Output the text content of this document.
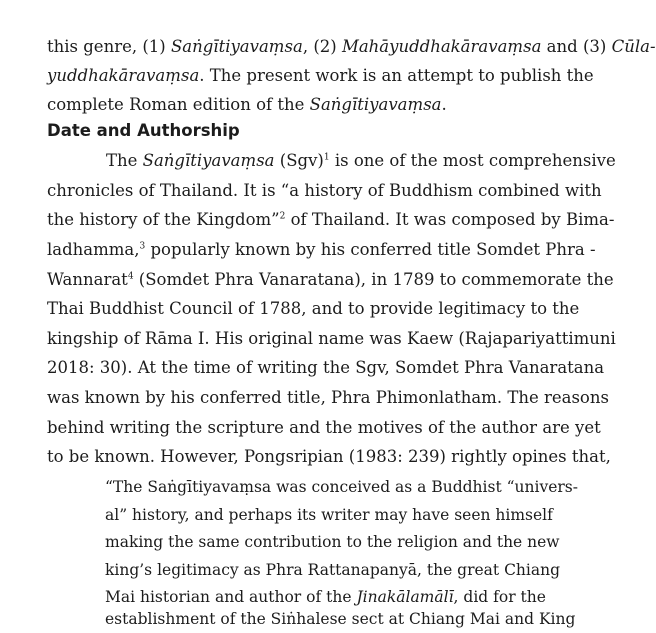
this genre, (1) Saṅgītiyavaṃsa, (2) Mahāyuddhakāravaṃsa and (3) Cūla-
yuddhakāravaṃsa. The present work is an attempt to publish the
complete Roman edition of the Saṅgītiyavaṃsa.
Date and Authorship
The Saṅgītiyavaṃsa (Sgv)$^1$ is one of the most comprehensive
chronicles of Thailand. It is “a history of Buddhism combined with
the history of the Kingdom”$^2$ of Thailand. It was composed by Bima-
ladhamma,$^3$ popularly known by his conferred title Somdet Phra -
Wannarat$^4$ (Somdet Phra Vanaratana), in 1789 to commemorate the
Thai Buddhist Council of 1788, and to provide legitimacy to the
kingship of Rāma I. His original name was Kaew (Rajapariyattimuni
2018: 30). At the time of writing the Sgv, Somdet Phra Vanaratana
was known by his conferred title, Phra Phimonlatham. The reasons
behind writing the scripture and the motives of the author are yet
to be known. However, Pongsripian (1983: 239) rightly opines that,
“The Saṅgītiyavaṃsa was conceived as a Buddhist “univers-
al” history, and perhaps its writer may have seen himself
making the same contribution to the religion and the new
king’s legitimacy as Phra Rattanapanyā, the great Chiang
Mai historian and author of the Jinakālamālī, did for the
establishment of the Siṅhalese sect at Chiang Mai and King
